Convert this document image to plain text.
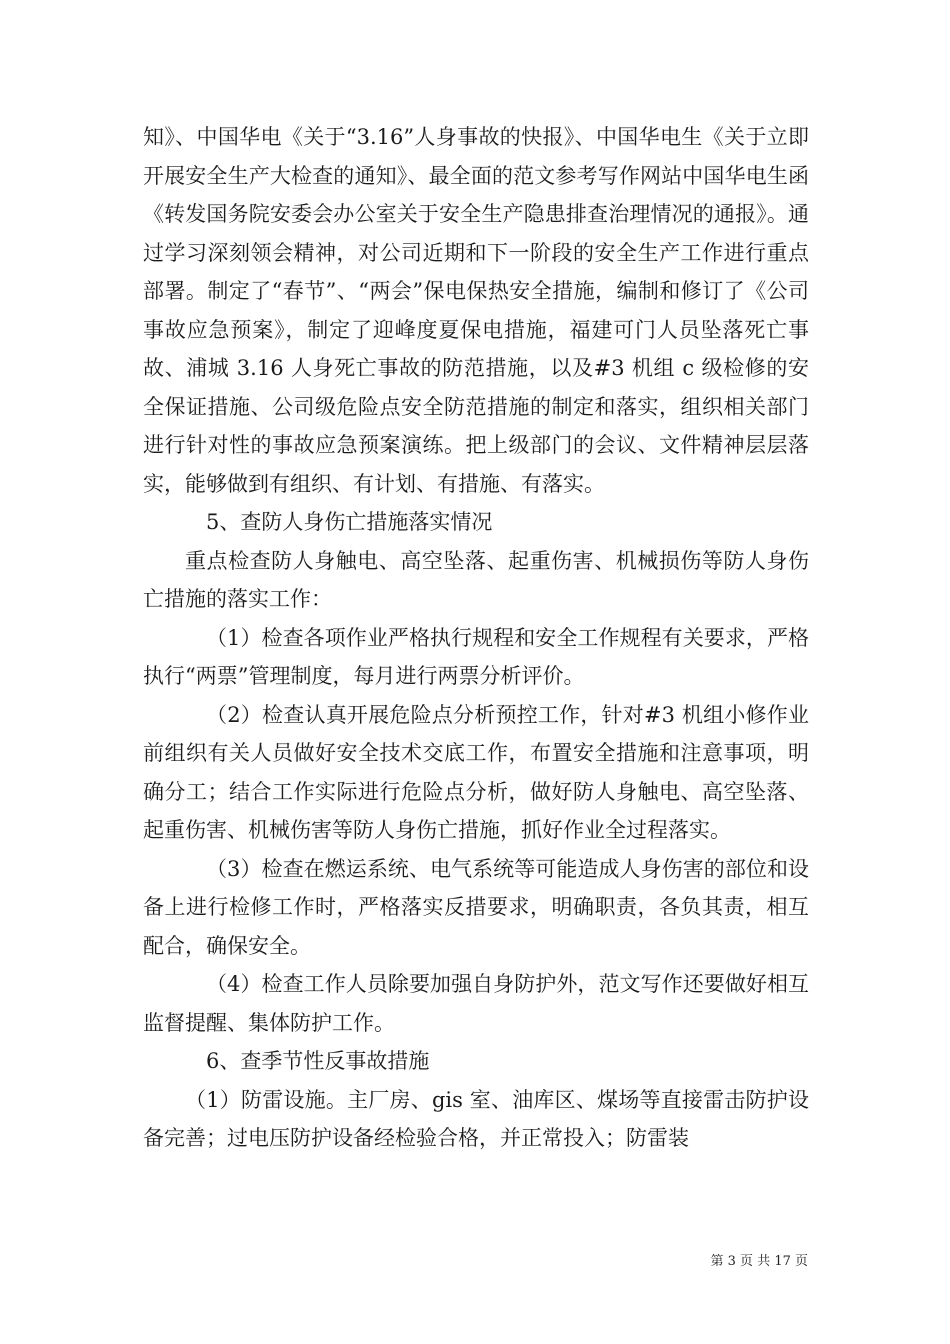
知》、中国华电《关于“3.16”人身事故的快报》、中国华电生《关于立即开展安全生产大检查的通知》、最全面的范文参考写作网站中国华电生函《转发国务院安委会办公室关于安全生产隐患排查治理情况的通报》。通过学习深刻领会精神，对公司近期和下一阶段的安全生产工作进行重点部署。制定了“春节”、“两会”保电保热安全措施，编制和修订了《公司事故应急预案》，制定了迎峰度夏保电措施，福建可门人员坠落死亡事故、浦城 3.16 人身死亡事故的防范措施，以及#3 机组 c 级检修的安全保证措施、公司级危险点安全防范措施的制定和落实，组织相关部门进行针对性的事故应急预案演练。把上级部门的会议、文件精神层层落实，能够做到有组织、有计划、有措施、有落实。

5、查防人身伤亡措施落实情况

重点检查防人身触电、高空坠落、起重伤害、机械损伤等防人身伤亡措施的落实工作：

（1）检查各项作业严格执行规程和安全工作规程有关要求，严格执行“两票”管理制度，每月进行两票分析评价。

（2）检查认真开展危险点分析预控工作，针对#3 机组小修作业前组织有关人员做好安全技术交底工作，布置安全措施和注意事项，明确分工；结合工作实际进行危险点分析，做好防人身触电、高空坠落、起重伤害、机械伤害等防人身伤亡措施，抓好作业全过程落实。

（3）检查在燃运系统、电气系统等可能造成人身伤害的部位和设备上进行检修工作时，严格落实反措要求，明确职责，各负其责，相互配合，确保安全。

（4）检查工作人员除要加强自身防护外，范文写作还要做好相互监督提醒、集体防护工作。

6、查季节性反事故措施

（1）防雷设施。主厂房、gis 室、油库区、煤场等直接雷击防护设备完善；过电压防护设备经检验合格，并正常投入；防雷装

第 3 页 共 17 页
